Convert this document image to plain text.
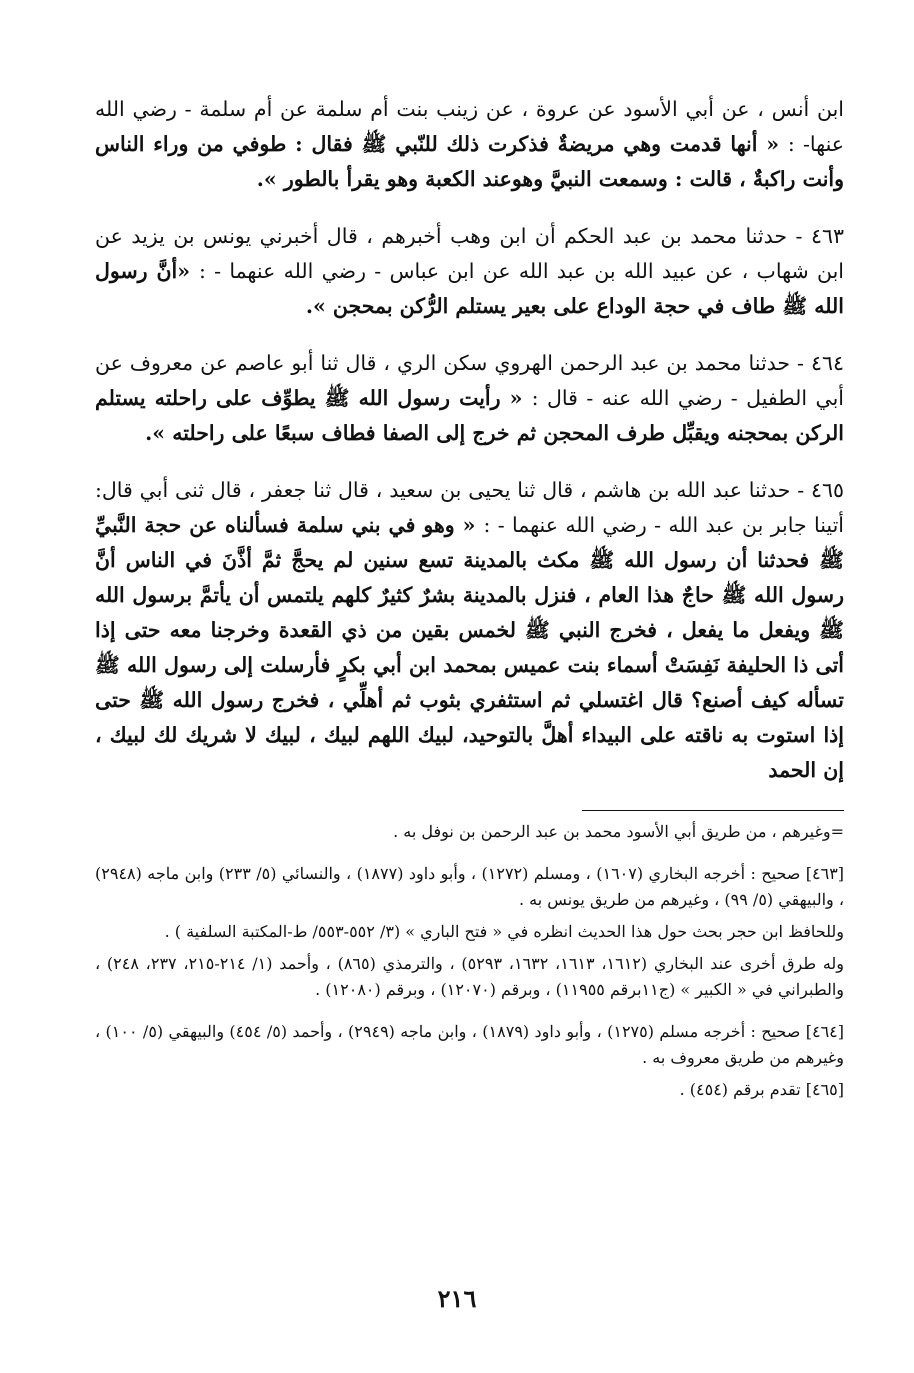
ابن أنس ، عن أبي الأسود عن عروة ، عن زينب بنت أم سلمة عن أم سلمة - رضي الله عنها- : « أنها قدمت وهي مريضةٌ فذكرت ذلك للنّبي ﷺ فقال : طوفي من وراء الناس وأنت راكبةٌ ، قالت : وسمعت النبيَّ وهوعند الكعبة وهو يقرأ بالطور ».

٤٦٣ - حدثنا محمد بن عبد الحكم أن ابن وهب أخبرهم ، قال أخبرني يونس بن يزيد عن ابن شهاب ، عن عبيد الله بن عبد الله عن ابن عباس - رضي الله عنهما - : «أنَّ رسول الله ﷺ طاف في حجة الوداع على بعير يستلم الرُّكن بمحجن ».

٤٦٤ - حدثنا محمد بن عبد الرحمن الهروي سكن الري ، قال ثنا أبو عاصم عن معروف عن أبي الطفيل - رضي الله عنه - قال : « رأيت رسول الله ﷺ يطوِّف على راحلته يستلم الركن بمحجنه ويقبِّل طرف المحجن ثم خرج إلى الصفا فطاف سبعًا على راحلته ».

٤٦٥ - حدثنا عبد الله بن هاشم ، قال ثنا يحيى بن سعيد ، قال ثنا جعفر ، قال ثنى أبي قال: أتينا جابر بن عبد الله - رضي الله عنهما - : « وهو في بني سلمة فسألناه عن حجة النَّبيِّ ﷺ فحدثنا أن رسول الله ﷺ مكث بالمدينة تسع سنين لم يحجَّ ثمَّ أذَّنَ في الناس أنَّ رسول الله ﷺ حاجٌ هذا العام ، فنزل بالمدينة بشرٌ كثيرٌ كلهم يلتمس أن يأتمَّ برسول الله ﷺ ويفعل ما يفعل ، فخرج النبي ﷺ لخمس بقين من ذي القعدة وخرجنا معه حتى إذا أتى ذا الحليفة نَفِسَتْ أسماء بنت عميس بمحمد ابن أبي بكرٍ فأرسلت إلى رسول الله ﷺ تسأله كيف أصنع؟ قال اغتسلي ثم استثفري بثوب ثم أهلِّي ، فخرج رسول الله ﷺ حتى إذا استوت به ناقته على البيداء أهلَّ بالتوحيد، لبيك اللهم لبيك ، لبيك لا شريك لك لبيك ، إن الحمد

=وغيرهم ، من طريق أبي الأسود محمد بن عبد الرحمن بن نوفل به .

[٤٦٣] صحيح : أخرجه البخاري (١٦٠٧) ، ومسلم (١٢٧٢) ، وأبو داود (١٨٧٧) ، والنسائي (٥/ ٢٣٣) وابن ماجه (٢٩٤٨) ، والبيهقي (٥/ ٩٩) ، وغيرهم من طريق يونس به .

وللحافظ ابن حجر بحث حول هذا الحديث انظره في « فتح الباري » (٣/ ٥٥٢-٥٥٣/ ط-المكتبة السلفية ) .

وله طرق أخرى عند البخاري (١٦١٢، ١٦١٣، ١٦٣٢، ٥٢٩٣) ، والترمذي (٨٦٥) ، وأحمد (١/ ٢١٤-٢١٥، ٢٣٧، ٢٤٨) ، والطبراني في « الكبير » (ج١١برقم ١١٩٥٥) ، وبرقم (١٢٠٧٠) ، وبرقم (١٢٠٨٠) .

[٤٦٤] صحيح : أخرجه مسلم (١٢٧٥) ، وأبو داود (١٨٧٩) ، وابن ماجه (٢٩٤٩) ، وأحمد (٥/ ٤٥٤) والبيهقي (٥/ ١٠٠) ، وغيرهم من طريق معروف به .

[٤٦٥] تقدم برقم (٤٥٤) .

٢١٦
